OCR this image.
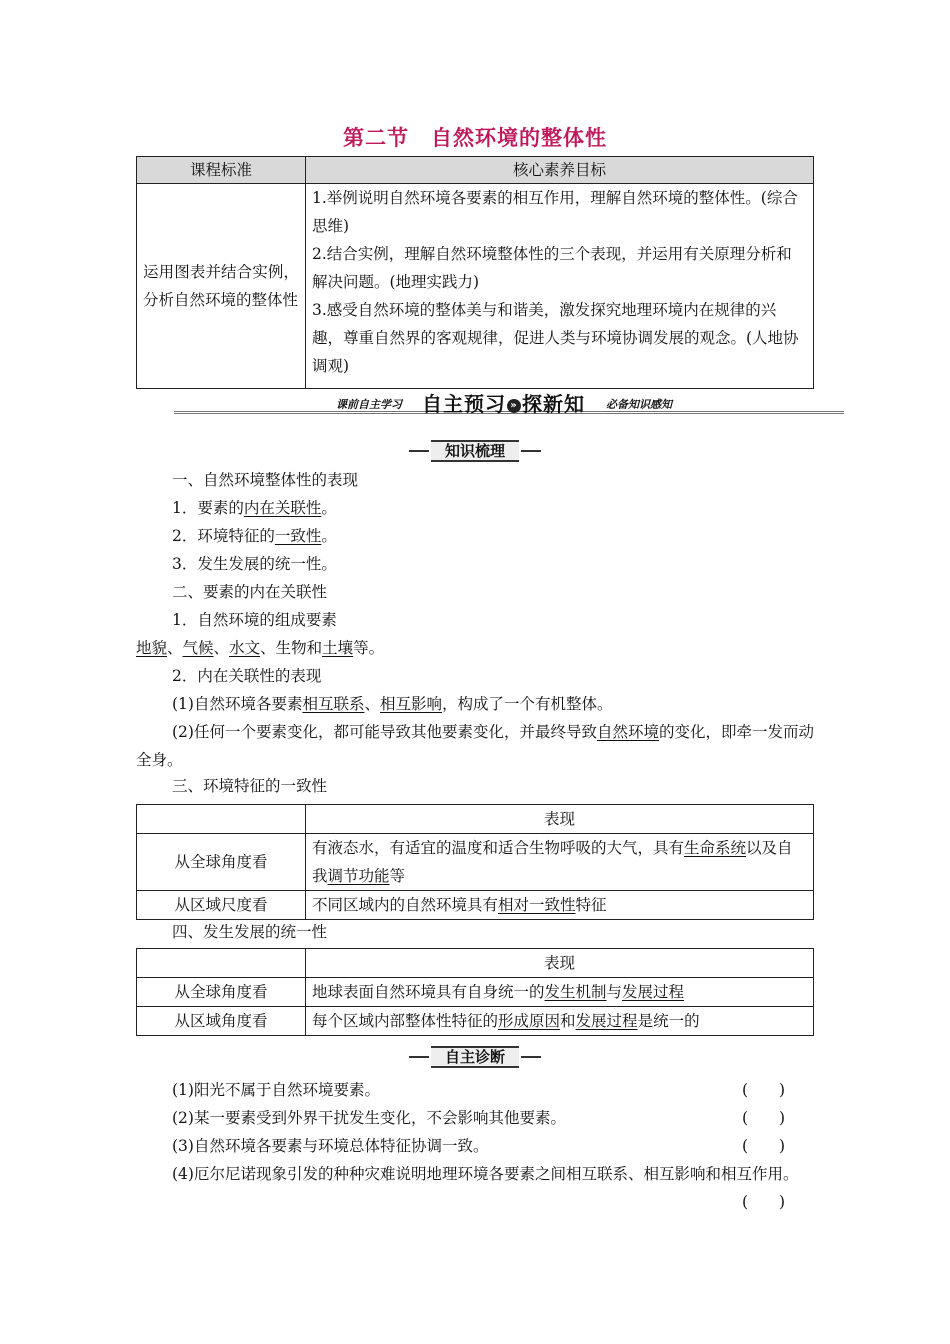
第二节　自然环境的整体性
课程标准	核心素养目标
运用图表并结合实例，分析自然环境的整体性	1.举例说明自然环境各要素的相互作用，理解自然环境的整体性。(综合思维)
2.结合实例，理解自然环境整体性的三个表现，并运用有关原理分析和解决问题。(地理实践力)
3.感受自然环境的整体美与和谐美，激发探究地理环境内在规律的兴趣，尊重自然界的客观规律，促进人类与环境协调发展的观念。(人地协调观)
课前自主学习 自主预习 » 探新知 必备知识感知
知识梳理
一、自然环境整体性的表现
1．要素的内在关联性。
2．环境特征的一致性。
3．发生发展的统一性。
二、要素的内在关联性
1．自然环境的组成要素
地貌、气候、水文、生物和土壤等。
2．内在关联性的表现
(1)自然环境各要素相互联系、相互影响，构成了一个有机整体。
(2)任何一个要素变化，都可能导致其他要素变化，并最终导致自然环境的变化，即牵一发而动全身。
三、环境特征的一致性
	表现
从全球角度看	有液态水，有适宜的温度和适合生物呼吸的大气，具有生命系统以及自我调节功能等
从区域尺度看	不同区域内的自然环境具有相对一致性特征
四、发生发展的统一性
	表现
从全球角度看	地球表面自然环境具有自身统一的发生机制与发展过程
从区域角度看	每个区域内部整体性特征的形成原因和发展过程是统一的
自主诊断
(1)阳光不属于自然环境要素。	(　　)
(2)某一要素受到外界干扰发生变化，不会影响其他要素。	(　　)
(3)自然环境各要素与环境总体特征协调一致。	(　　)
(4)厄尔尼诺现象引发的种种灾难说明地理环境各要素之间相互联系、相互影响和相互作用。
(　　)
